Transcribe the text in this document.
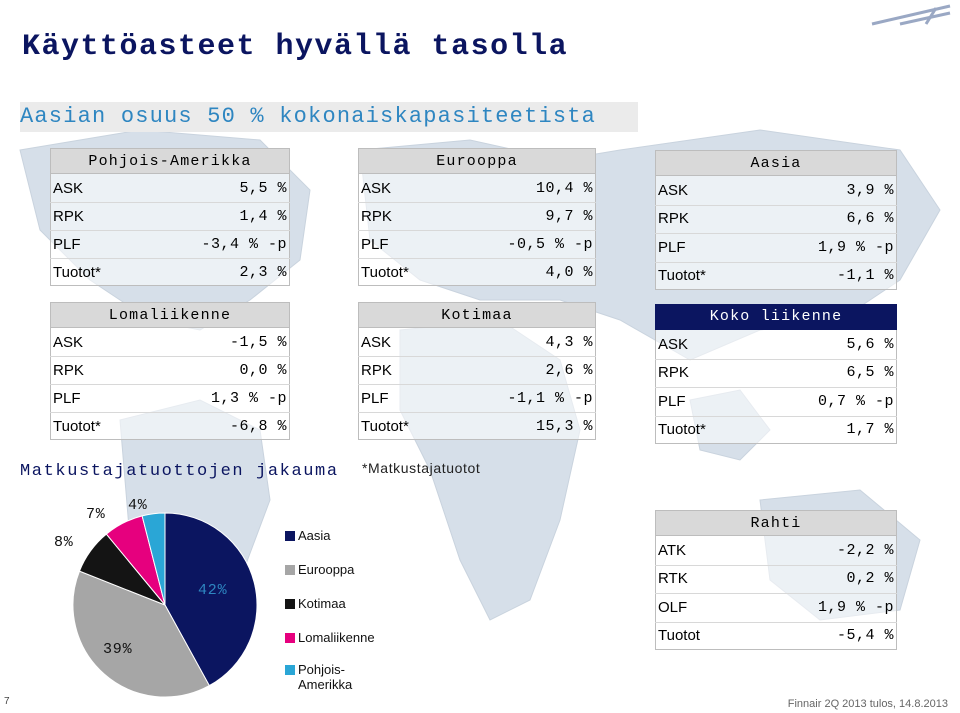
Käyttöasteet hyvällä tasolla
Aasian osuus 50 % kokonaiskapasiteetista
Pohjois-Amerikka
ASK	5,5 %
RPK	1,4 %
PLF	-3,4 % -p
Tuotot*	2,3 %
Eurooppa
ASK	10,4 %
RPK	9,7 %
PLF	-0,5 % -p
Tuotot*	4,0 %
Aasia
ASK	3,9 %
RPK	6,6 %
PLF	1,9 % -p
Tuotot*	-1,1 %
Lomaliikenne
ASK	-1,5 %
RPK	0,0 %
PLF	1,3 % -p
Tuotot*	-6,8 %
Kotimaa
ASK	4,3 %
RPK	2,6 %
PLF	-1,1 % -p
Tuotot*	15,3 %
Koko liikenne
ASK	5,6 %
RPK	6,5 %
PLF	0,7 % -p
Tuotot*	1,7 %
Rahti
ATK	-2,2 %
RTK	0,2 %
OLF	1,9 % -p
Tuotot	-5,4 %
*Matkustajatuotot
Matkustajatuottojen jakauma
42%
39%
8%
7%
4%
Aasia
Eurooppa
Kotimaa
Lomaliikenne
Pohjois-
Amerikka
7	Finnair 2Q 2013 tulos, 14.8.2013
